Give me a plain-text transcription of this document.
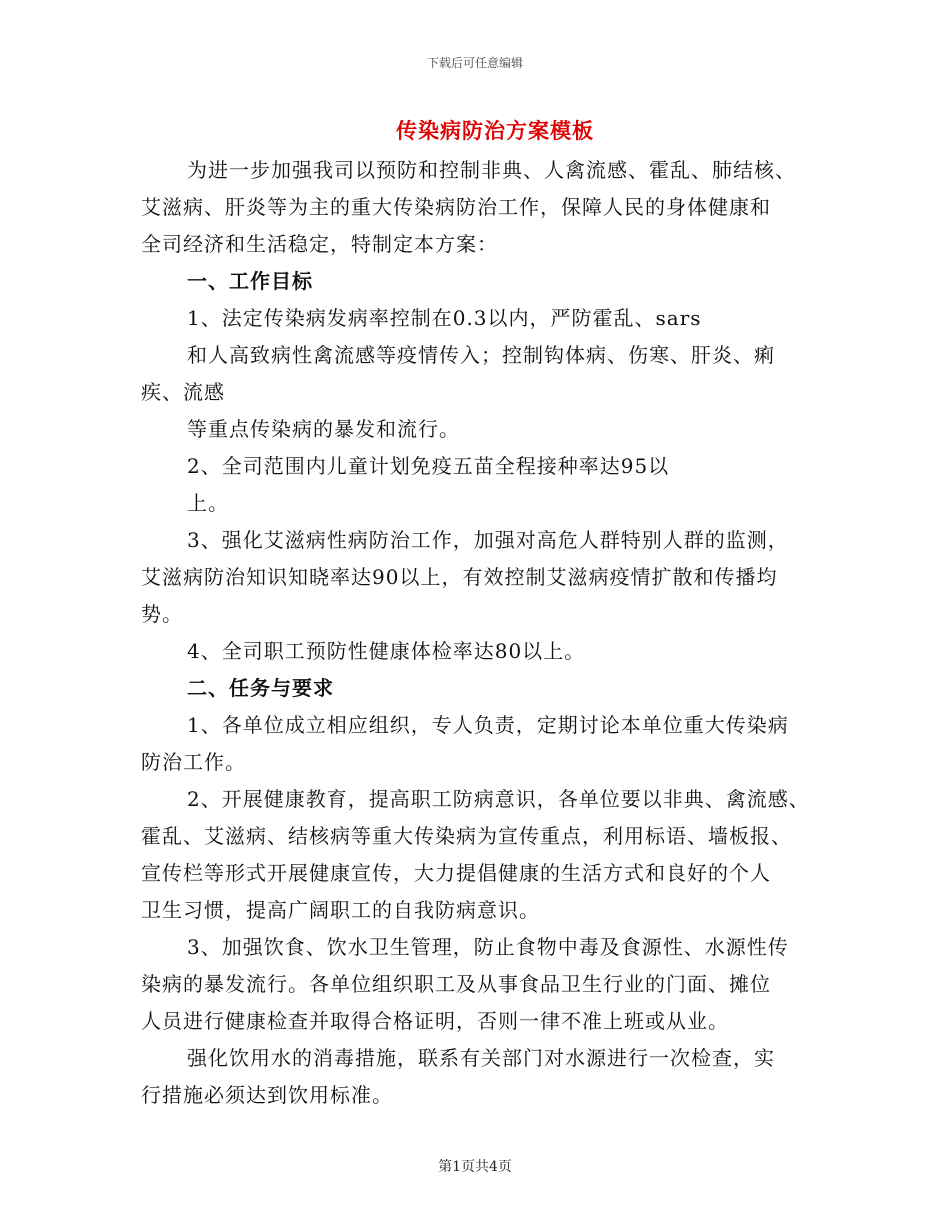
下载后可任意编辑
传染病防治方案模板
为进一步加强我司以预防和控制非典、人禽流感、霍乱、肺结核、
艾滋病、肝炎等为主的重大传染病防治工作，保障人民的身体健康和
全司经济和生活稳定，特制定本方案：
一、工作目标
1、法定传染病发病率控制在0.3以内，严防霍乱、sars
和人高致病性禽流感等疫情传入；控制钩体病、伤寒、肝炎、痢
疾、流感
等重点传染病的暴发和流行。
2、全司范围内儿童计划免疫五苗全程接种率达95以
上。
3、强化艾滋病性病防治工作，加强对高危人群特别人群的监测，
艾滋病防治知识知晓率达90以上，有效控制艾滋病疫情扩散和传播均
势。
4、全司职工预防性健康体检率达80以上。
二、任务与要求
1、各单位成立相应组织，专人负责，定期讨论本单位重大传染病
防治工作。
2、开展健康教育，提高职工防病意识，各单位要以非典、禽流感、
霍乱、艾滋病、结核病等重大传染病为宣传重点，利用标语、墙板报、
宣传栏等形式开展健康宣传，大力提倡健康的生活方式和良好的个人
卫生习惯，提高广阔职工的自我防病意识。
3、加强饮食、饮水卫生管理，防止食物中毒及食源性、水源性传
染病的暴发流行。各单位组织职工及从事食品卫生行业的门面、摊位
人员进行健康检查并取得合格证明，否则一律不准上班或从业。
强化饮用水的消毒措施，联系有关部门对水源进行一次检查，实
行措施必须达到饮用标准。
第1页共4页
